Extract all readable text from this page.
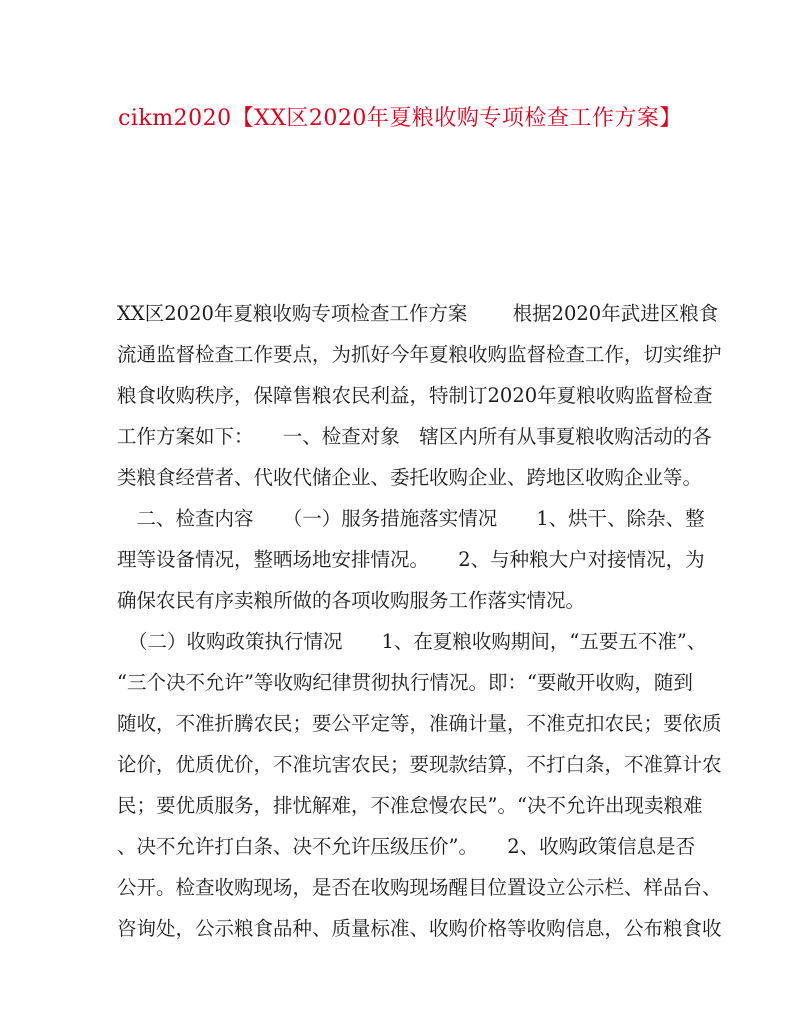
cikm2020【XX区2020年夏粮收购专项检查工作方案】
XX区2020年夏粮收购专项检查工作方案　　 根据2020年武进区粮食
流通监督检查工作要点，为抓好今年夏粮收购监督检查工作，切实维护
粮食收购秩序，保障售粮农民利益，特制订2020年夏粮收购监督检查
工作方案如下：　　一、检查对象　辖区内所有从事夏粮收购活动的各
类粮食经营者、代收代储企业、委托收购企业、跨地区收购企业等。
　二、检查内容　　（一）服务措施落实情况　　1、烘干、除杂、整
理等设备情况，整晒场地安排情况。　　2、与种粮大户对接情况，为
确保农民有序卖粮所做的各项收购服务工作落实情况。
（二）收购政策执行情况　　1、在夏粮收购期间，“五要五不准”、
“三个决不允许”等收购纪律贯彻执行情况。即：“要敞开收购，随到
随收，不准折腾农民；要公平定等，准确计量，不准克扣农民；要依质
论价，优质优价，不准坑害农民；要现款结算，不打白条，不准算计农
民；要优质服务，排忧解难，不准怠慢农民”。“决不允许出现卖粮难
、决不允许打白条、决不允许压级压价”。　　2、收购政策信息是否
公开。检查收购现场，是否在收购现场醒目位置设立公示栏、样品台、
咨询处，公示粮食品种、质量标准、收购价格等收购信息，公布粮食收
